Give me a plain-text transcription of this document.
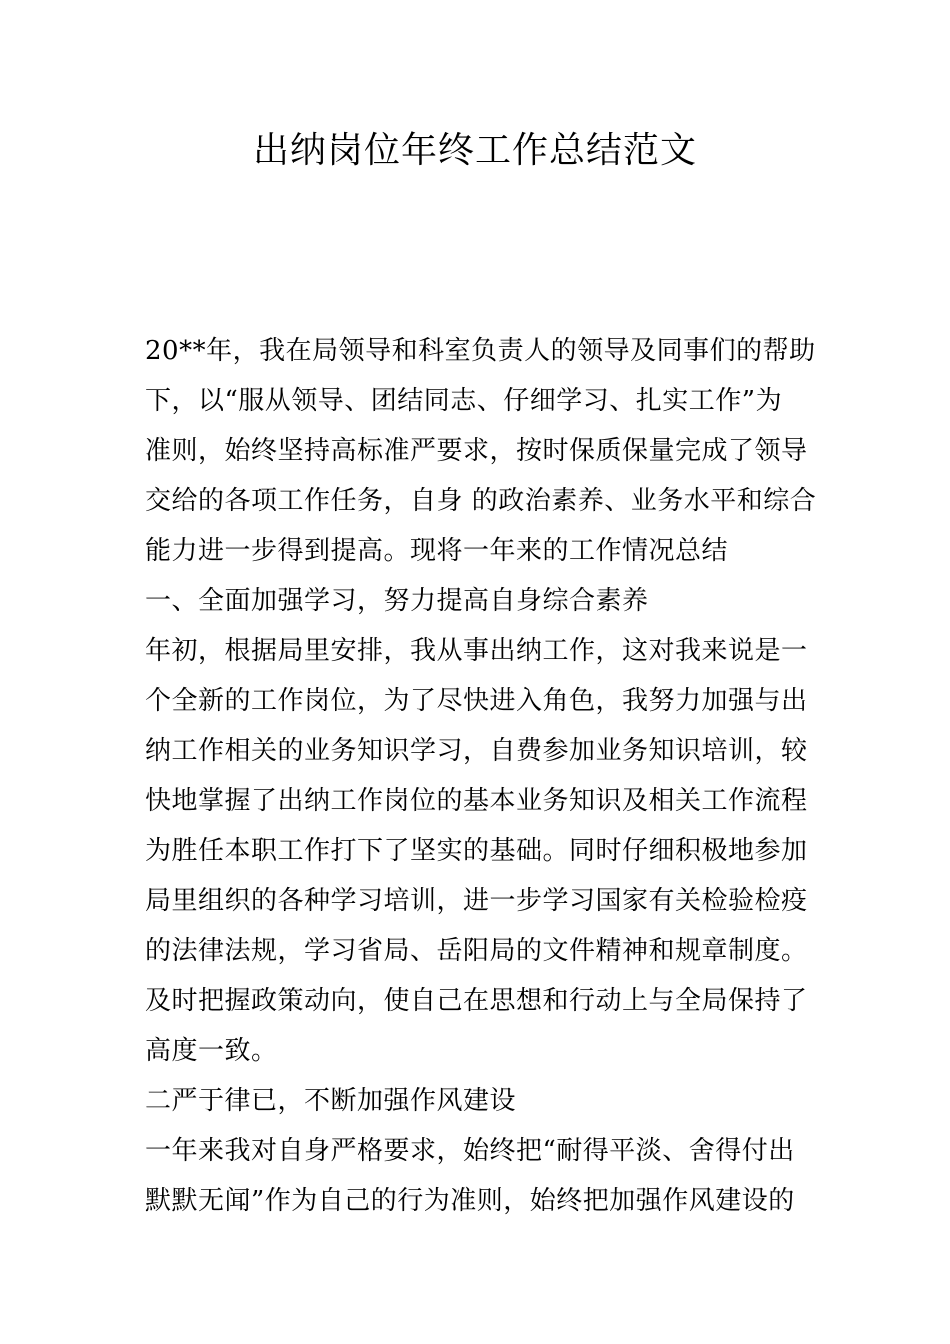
出纳岗位年终工作总结范文
20**年，我在局领导和科室负责人的领导及同事们的帮助
下，以“服从领导、团结同志、仔细学习、扎实工作”为
准则，始终坚持高标准严要求，按时保质保量完成了领导
交给的各项工作任务，自身 的政治素养、业务水平和综合
能力进一步得到提高。现将一年来的工作情况总结
一、全面加强学习，努力提高自身综合素养
年初，根据局里安排，我从事出纳工作，这对我来说是一
个全新的工作岗位，为了尽快进入角色，我努力加强与出
纳工作相关的业务知识学习，自费参加业务知识培训，较
快地掌握了出纳工作岗位的基本业务知识及相关工作流程
为胜任本职工作打下了坚实的基础。同时仔细积极地参加
局里组织的各种学习培训，进一步学习国家有关检验检疫
的法律法规，学习省局、岳阳局的文件精神和规章制度。
及时把握政策动向，使自己在思想和行动上与全局保持了
高度一致。
二严于律已，不断加强作风建设
一年来我对自身严格要求，始终把“耐得平淡、舍得付出
默默无闻”作为自己的行为准则，始终把加强作风建设的
